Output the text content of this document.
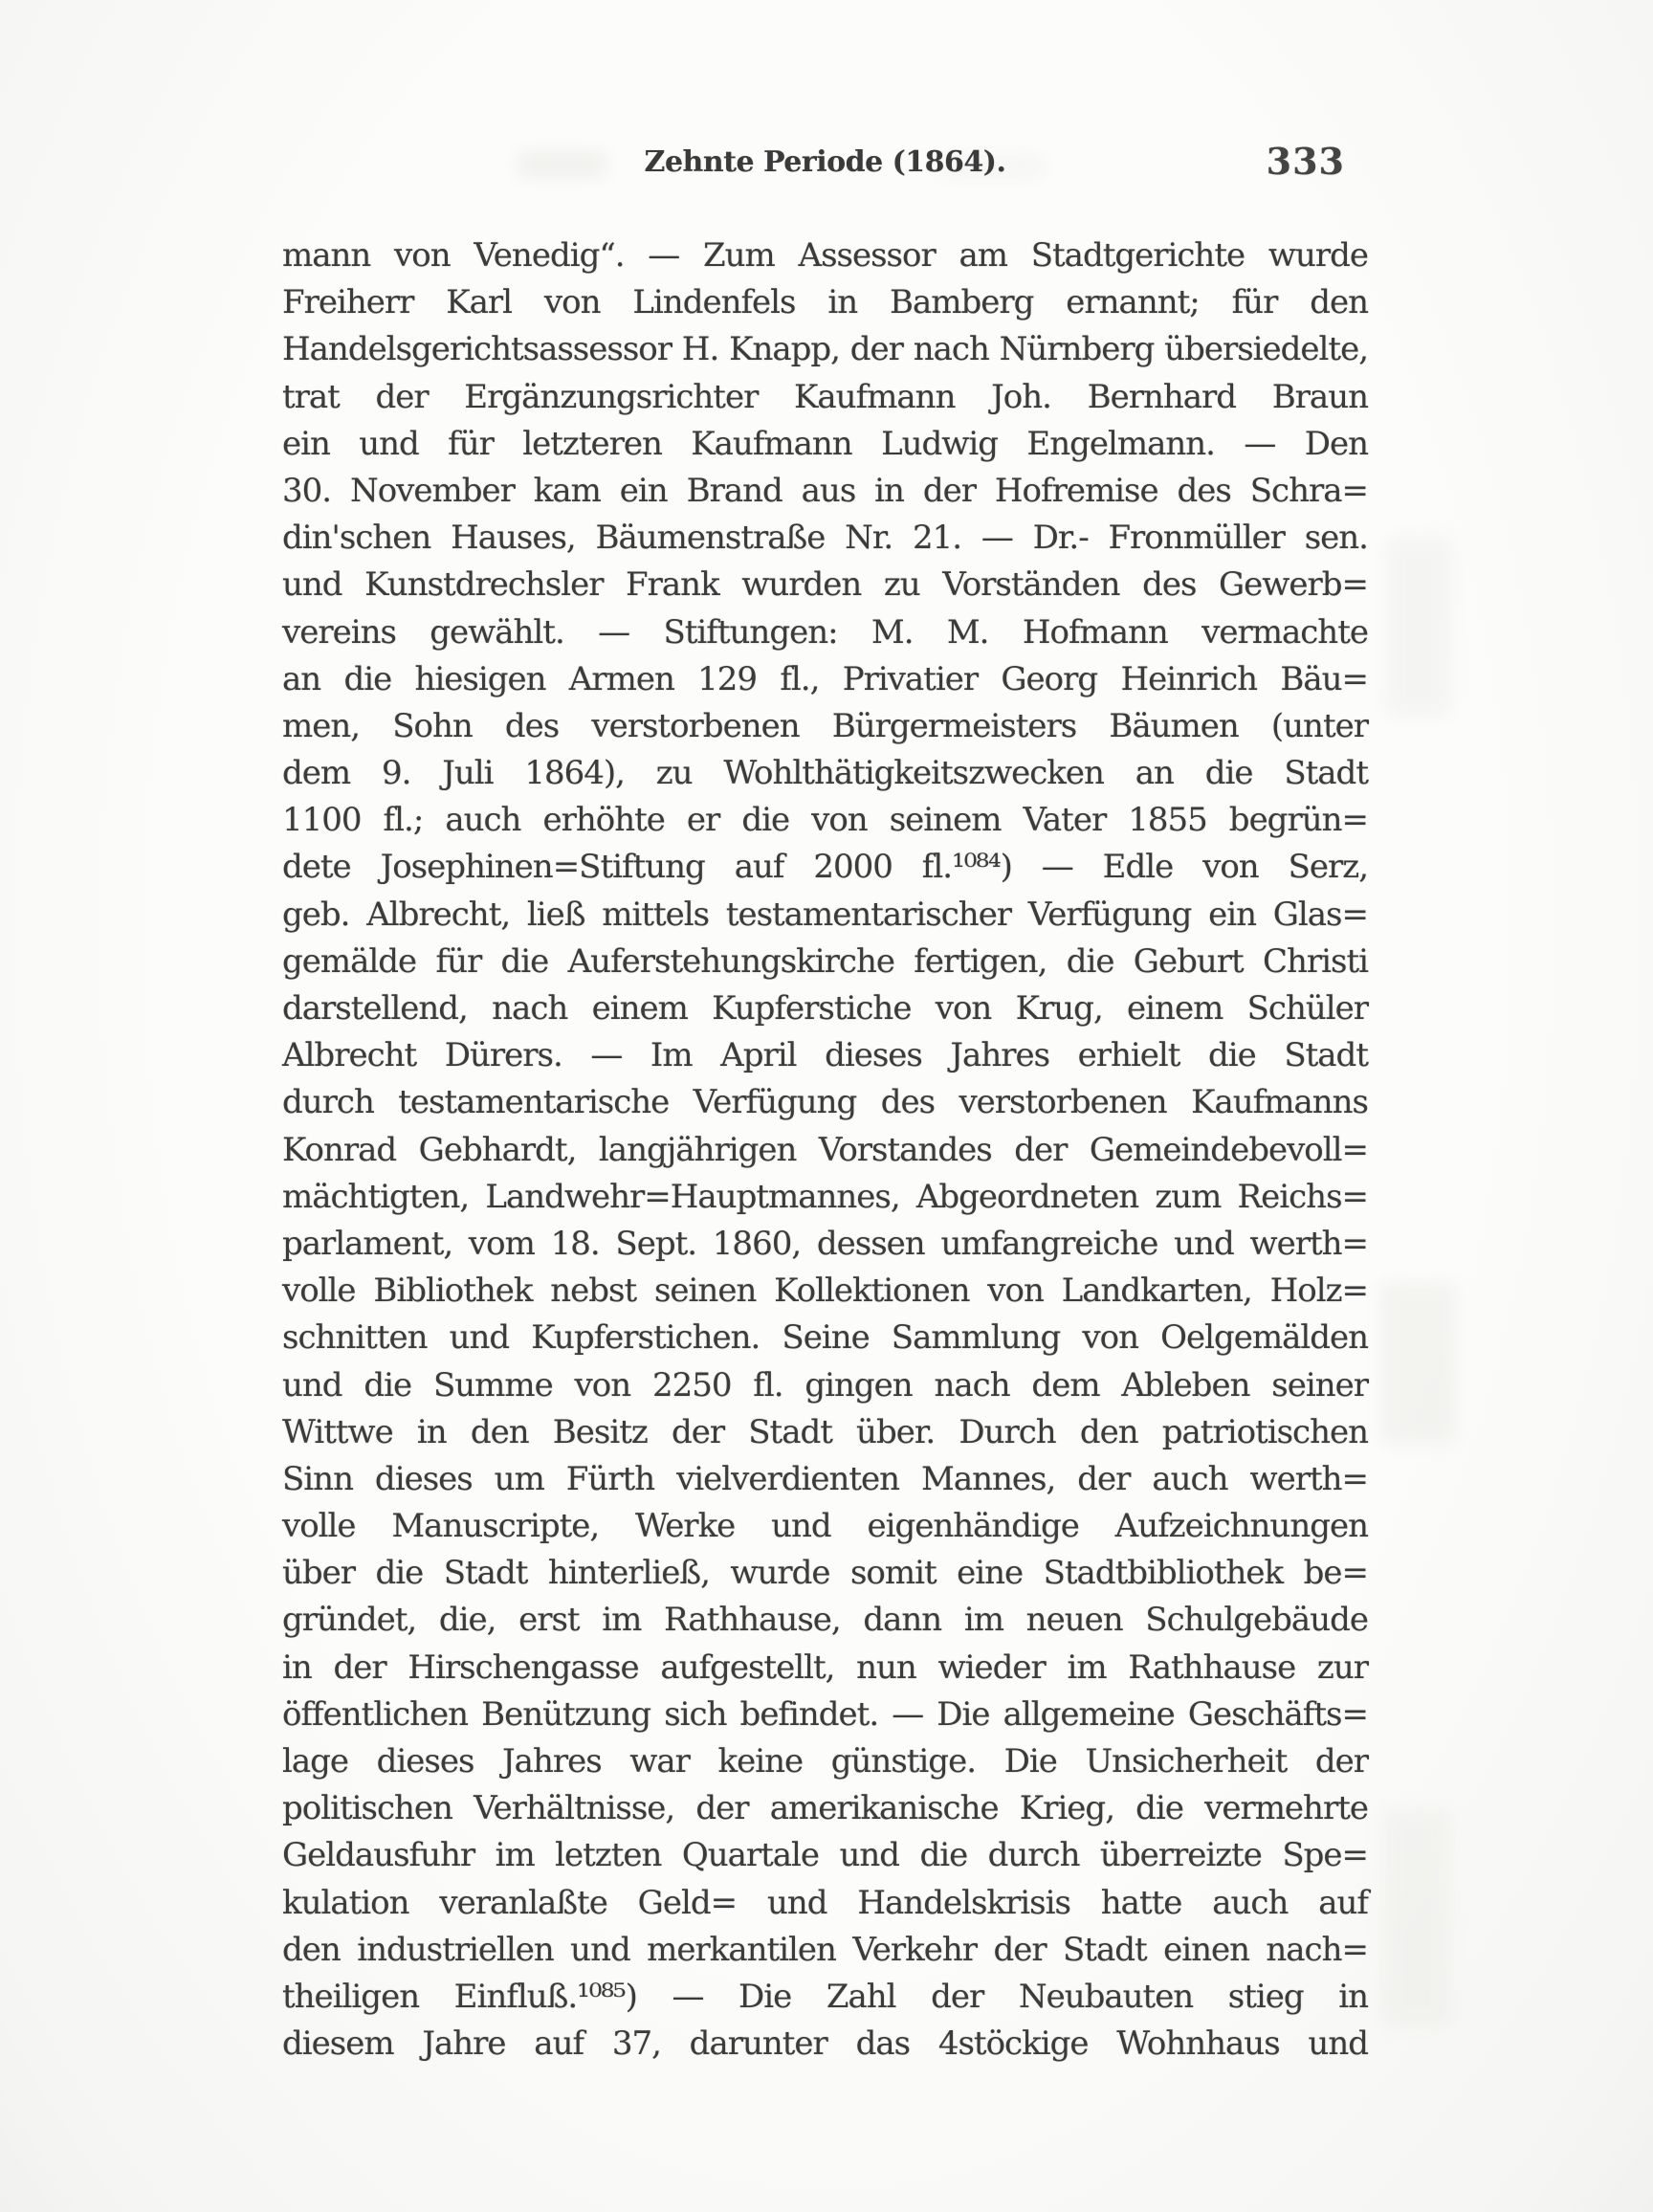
Zehnte Periode (1864).	333
mann von Venedig“. — Zum Assessor am Stadtgerichte wurde
Freiherr Karl von Lindenfels in Bamberg ernannt; für den
Handelsgerichtsassessor H. Knapp, der nach Nürnberg übersiedelte,
trat der Ergänzungsrichter Kaufmann Joh. Bernhard Braun
ein und für letzteren Kaufmann Ludwig Engelmann. — Den
30. November kam ein Brand aus in der Hofremise des Schra=
din'schen Hauses, Bäumenstraße Nr. 21. — Dr.- Fronmüller sen.
und Kunstdrechsler Frank wurden zu Vorständen des Gewerb=
vereins gewählt. — Stiftungen: M. M. Hofmann vermachte
an die hiesigen Armen 129 fl., Privatier Georg Heinrich Bäu=
men, Sohn des verstorbenen Bürgermeisters Bäumen (unter
dem 9. Juli 1864), zu Wohlthätigkeitszwecken an die Stadt
1100 fl.; auch erhöhte er die von seinem Vater 1855 begrün=
dete Josephinen=Stiftung auf 2000 fl.¹⁰⁸⁴) — Edle von Serz,
geb. Albrecht, ließ mittels testamentarischer Verfügung ein Glas=
gemälde für die Auferstehungskirche fertigen, die Geburt Christi
darstellend, nach einem Kupferstiche von Krug, einem Schüler
Albrecht Dürers. — Im April dieses Jahres erhielt die Stadt
durch testamentarische Verfügung des verstorbenen Kaufmanns
Konrad Gebhardt, langjährigen Vorstandes der Gemeindebevoll=
mächtigten, Landwehr=Hauptmannes, Abgeordneten zum Reichs=
parlament, vom 18. Sept. 1860, dessen umfangreiche und werth=
volle Bibliothek nebst seinen Kollektionen von Landkarten, Holz=
schnitten und Kupferstichen. Seine Sammlung von Oelgemälden
und die Summe von 2250 fl. gingen nach dem Ableben seiner
Wittwe in den Besitz der Stadt über. Durch den patriotischen
Sinn dieses um Fürth vielverdienten Mannes, der auch werth=
volle Manuscripte, Werke und eigenhändige Aufzeichnungen
über die Stadt hinterließ, wurde somit eine Stadtbibliothek be=
gründet, die, erst im Rathhause, dann im neuen Schulgebäude
in der Hirschengasse aufgestellt, nun wieder im Rathhause zur
öffentlichen Benützung sich befindet. — Die allgemeine Geschäfts=
lage dieses Jahres war keine günstige. Die Unsicherheit der
politischen Verhältnisse, der amerikanische Krieg, die vermehrte
Geldausfuhr im letzten Quartale und die durch überreizte Spe=
kulation veranlaßte Geld= und Handelskrisis hatte auch auf
den industriellen und merkantilen Verkehr der Stadt einen nach=
theiligen Einfluß.¹⁰⁸⁵) — Die Zahl der Neubauten stieg in
diesem Jahre auf 37, darunter das 4stöckige Wohnhaus und
